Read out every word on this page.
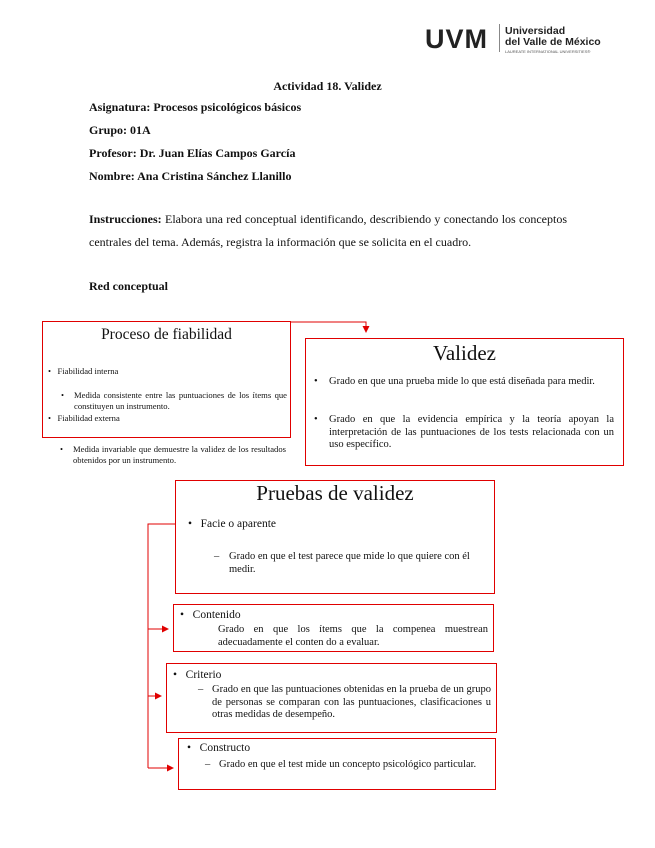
UVM Universidad
del Valle de México
LAUREATE INTERNATIONAL UNIVERSITIES®
Actividad 18. Validez
Asignatura: Procesos psicológicos básicos
Grupo: 01A
Profesor: Dr. Juan Elías Campos García
Nombre: Ana Cristina Sánchez Llanillo
Instrucciones: Elabora una red conceptual identificando, describiendo y conectando los conceptos centrales del tema. Además, registra la información que se solicita en el cuadro.
Red conceptual
Proceso de fiabilidad
•   Fiabilidad interna
• Medida consistente entre las puntuaciones de los ítems que constituyen un instrumento.
•   Fiabilidad externa
• Medida invariable que demuestre la validez de los resultados obtenidos por un instrumento.
Validez
• Grado en que una prueba mide lo que está diseñada para medir.
• Grado en que la evidencia empírica y la teoría apoyan la interpretación de las puntuaciones de los tests relacionada con un uso específico.
Pruebas de validez
•   Facie o aparente
– Grado en que el test parece que mide lo que quiere con él medir.
•   Contenido
Grado en que los ítems que la compenea muestrean adecuadamente el conten do a evaluar.
•   Criterio
– Grado en que las puntuaciones obtenidas en la prueba de un grupo de personas se comparan con las puntuaciones, clasificaciones u otras medidas de desempeño.
•   Constructo
– Grado en que el test mide un concepto psicológico particular.
